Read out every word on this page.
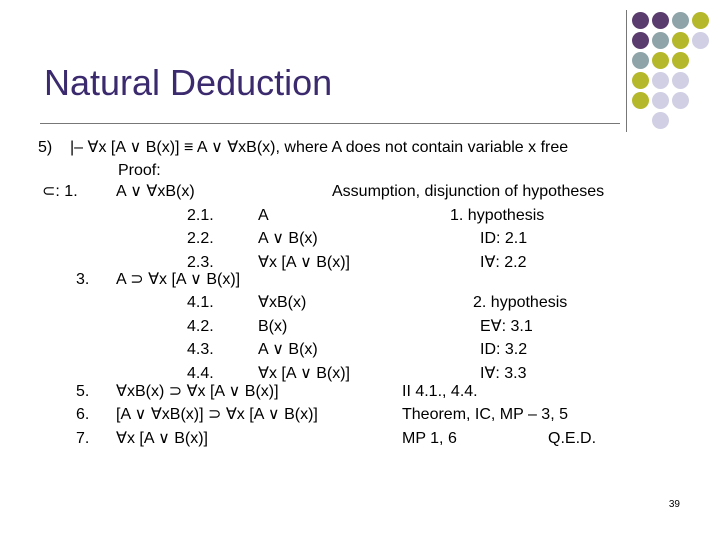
Natural Deduction
5) |– ∀x [A ∨ B(x)] ≡ A ∨ ∀xB(x), where A does not contain variable x free
Proof:
⊂: 1. A ∨ ∀xB(x)	Assumption, disjunction of hypotheses
2.1.	A	1. hypothesis
2.2.	A ∨ B(x)	ID: 2.1
2.3.	∀x [A ∨ B(x)]	I∀: 2.2
3. A ⊃ ∀x [A ∨ B(x)]
4.1.	∀xB(x)	2. hypothesis
4.2.	B(x)	E∀: 3.1
4.3.	A ∨ B(x)	ID: 3.2
4.4.	∀x [A ∨ B(x)]	I∀: 3.3
5. ∀xB(x) ⊃ ∀x [A ∨ B(x)]	II 4.1., 4.4.
6. [A ∨ ∀xB(x)] ⊃ ∀x [A ∨ B(x)]	Theorem, IC, MP – 3, 5
7. ∀x [A ∨ B(x)]	MP 1, 6	Q.E.D.
39
